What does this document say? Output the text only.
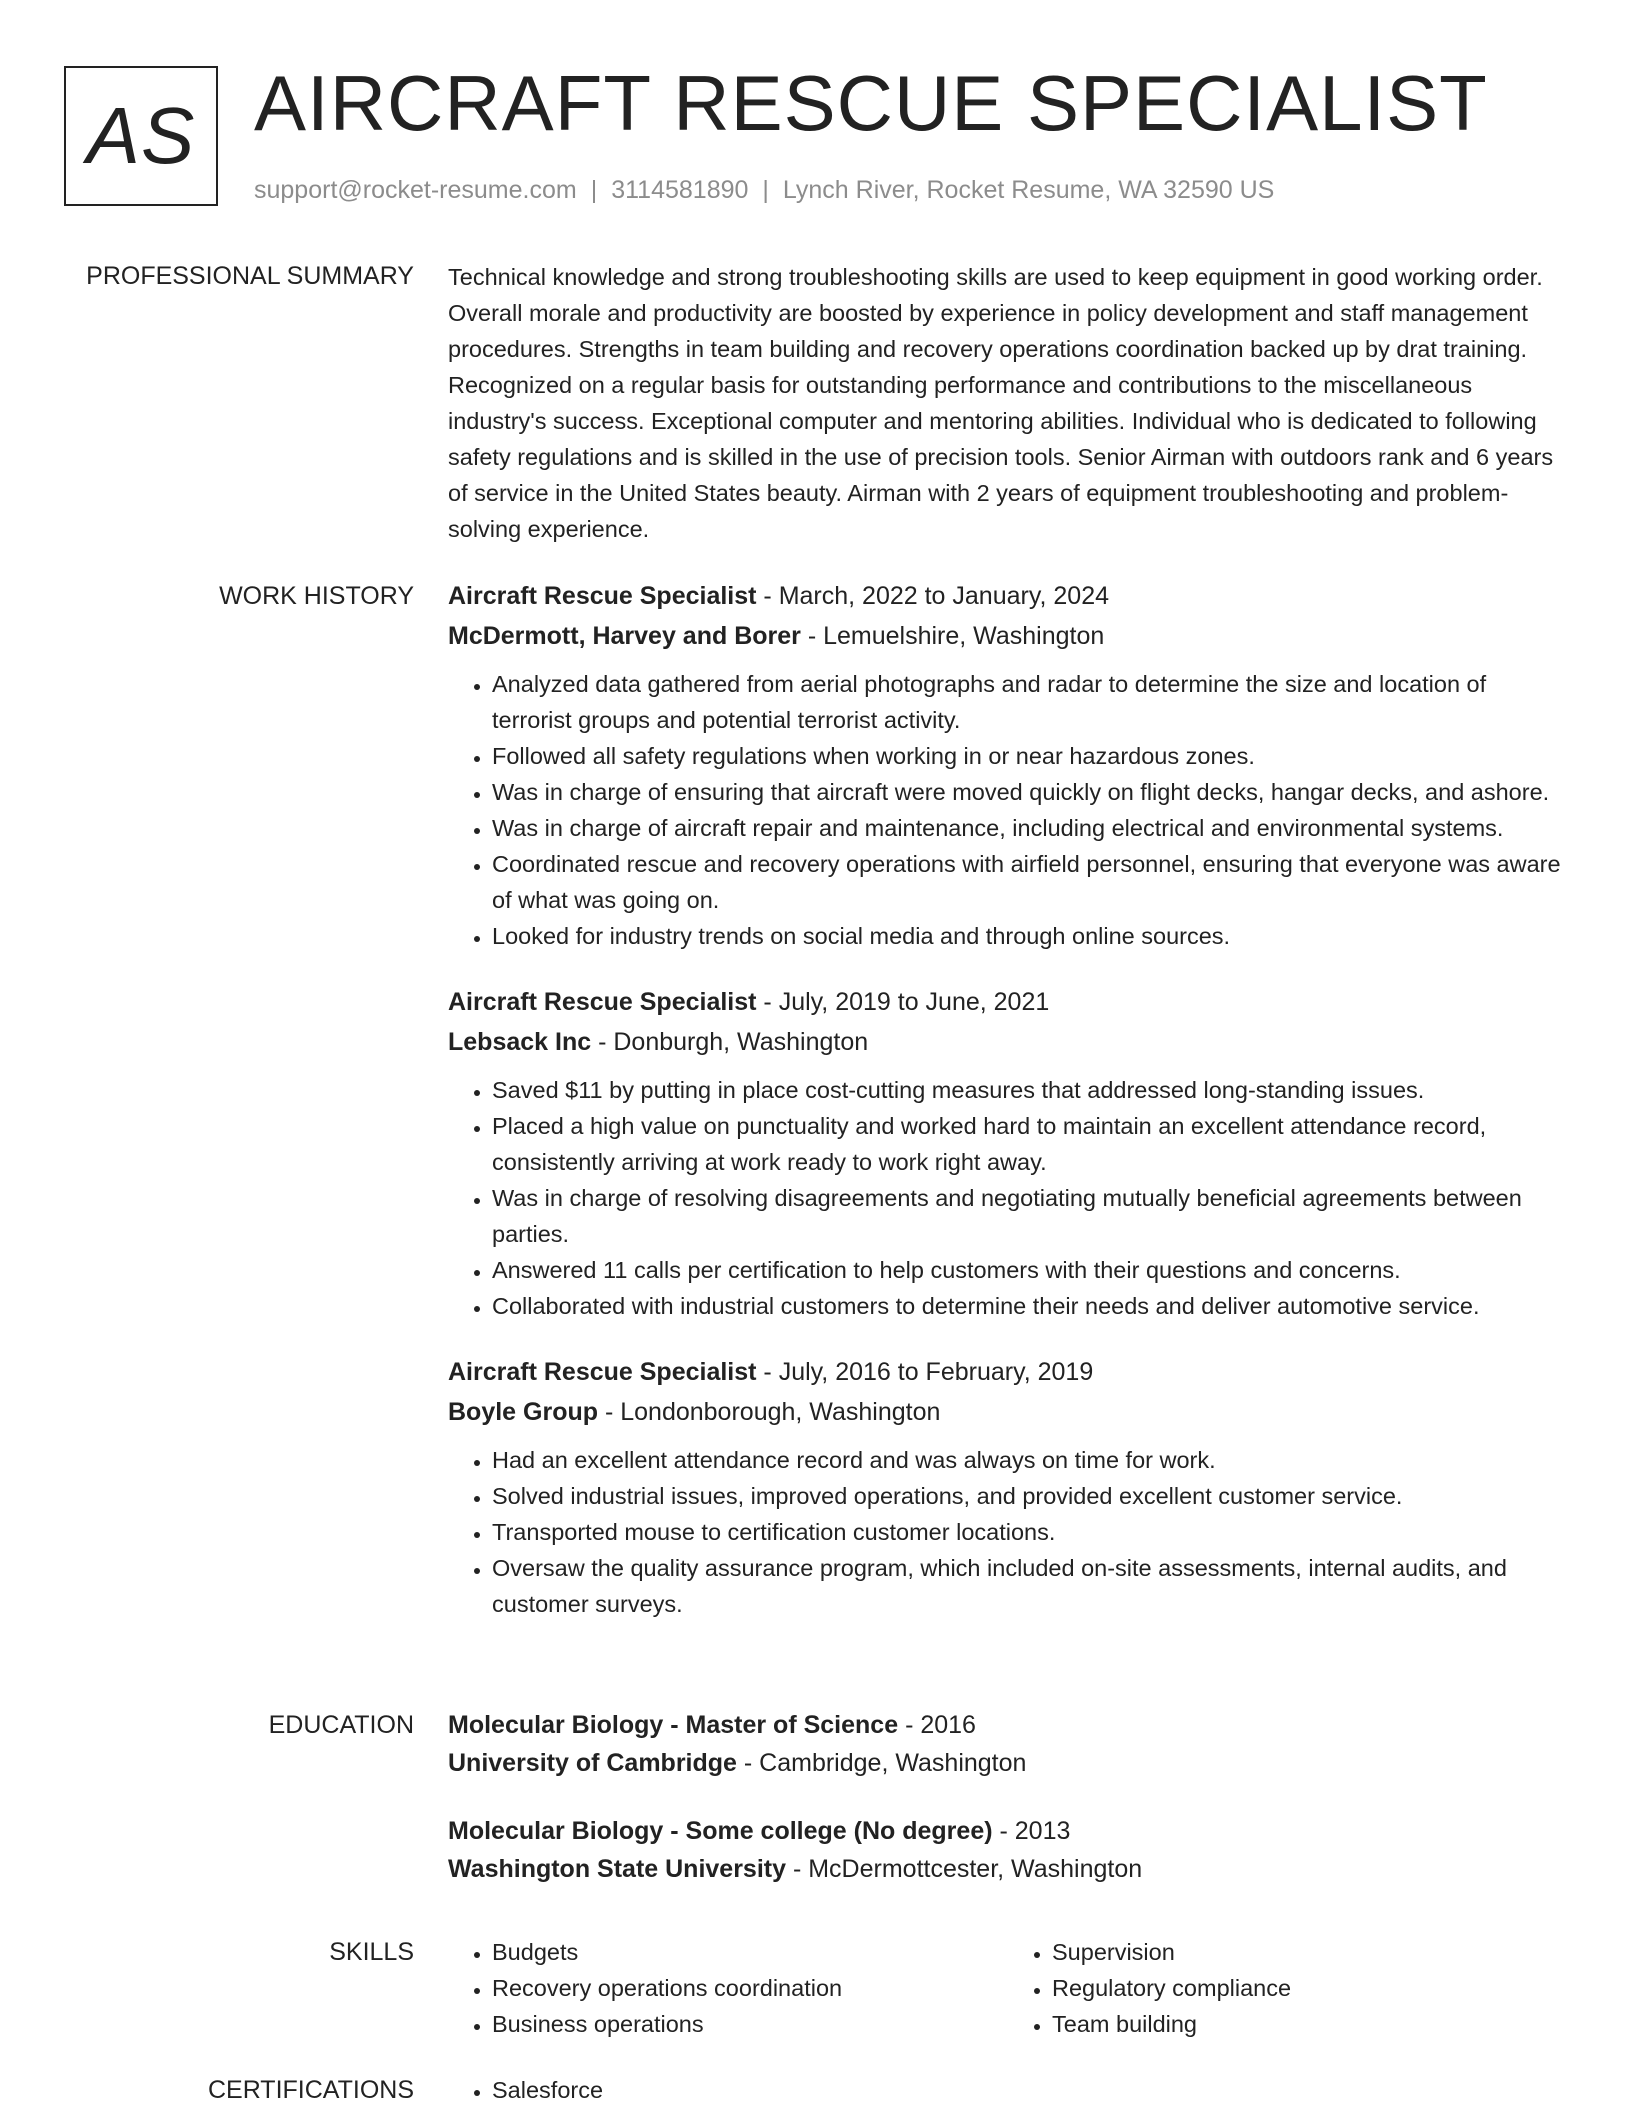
AS AIRCRAFT RESCUE SPECIALIST
support@rocket-resume.com | 3114581890 | Lynch River, Rocket Resume, WA 32590 US
PROFESSIONAL SUMMARY Technical knowledge and strong troubleshooting skills are used to keep equipment in good working order. Overall morale and productivity are boosted by experience in policy development and staff management procedures. Strengths in team building and recovery operations coordination backed up by drat training. Recognized on a regular basis for outstanding performance and contributions to the miscellaneous industry's success. Exceptional computer and mentoring abilities. Individual who is dedicated to following safety regulations and is skilled in the use of precision tools. Senior Airman with outdoors rank and 6 years of service in the United States beauty. Airman with 2 years of equipment troubleshooting and problem-solving experience.

WORK HISTORY Aircraft Rescue Specialist - March, 2022 to January, 2024
McDermott, Harvey and Borer - Lemuelshire, Washington
• Analyzed data gathered from aerial photographs and radar to determine the size and location of terrorist groups and potential terrorist activity.
• Followed all safety regulations when working in or near hazardous zones.
• Was in charge of ensuring that aircraft were moved quickly on flight decks, hangar decks, and ashore.
• Was in charge of aircraft repair and maintenance, including electrical and environmental systems.
• Coordinated rescue and recovery operations with airfield personnel, ensuring that everyone was aware of what was going on.
• Looked for industry trends on social media and through online sources.
Aircraft Rescue Specialist - July, 2019 to June, 2021
Lebsack Inc - Donburgh, Washington
• Saved $11 by putting in place cost-cutting measures that addressed long-standing issues.
• Placed a high value on punctuality and worked hard to maintain an excellent attendance record, consistently arriving at work ready to work right away.
• Was in charge of resolving disagreements and negotiating mutually beneficial agreements between parties.
• Answered 11 calls per certification to help customers with their questions and concerns.
• Collaborated with industrial customers to determine their needs and deliver automotive service.
Aircraft Rescue Specialist - July, 2016 to February, 2019
Boyle Group - Londonborough, Washington
• Had an excellent attendance record and was always on time for work.
• Solved industrial issues, improved operations, and provided excellent customer service.
• Transported mouse to certification customer locations.
• Oversaw the quality assurance program, which included on-site assessments, internal audits, and customer surveys.
EDUCATION Molecular Biology - Master of Science - 2016
University of Cambridge - Cambridge, Washington
Molecular Biology - Some college (No degree) - 2013
Washington State University - McDermottcester, Washington
SKILLS	• Budgets
• Recovery operations coordination
• Business operations
• Supervision
• Regulatory compliance
• Team building
CERTIFICATIONS	• Salesforce
